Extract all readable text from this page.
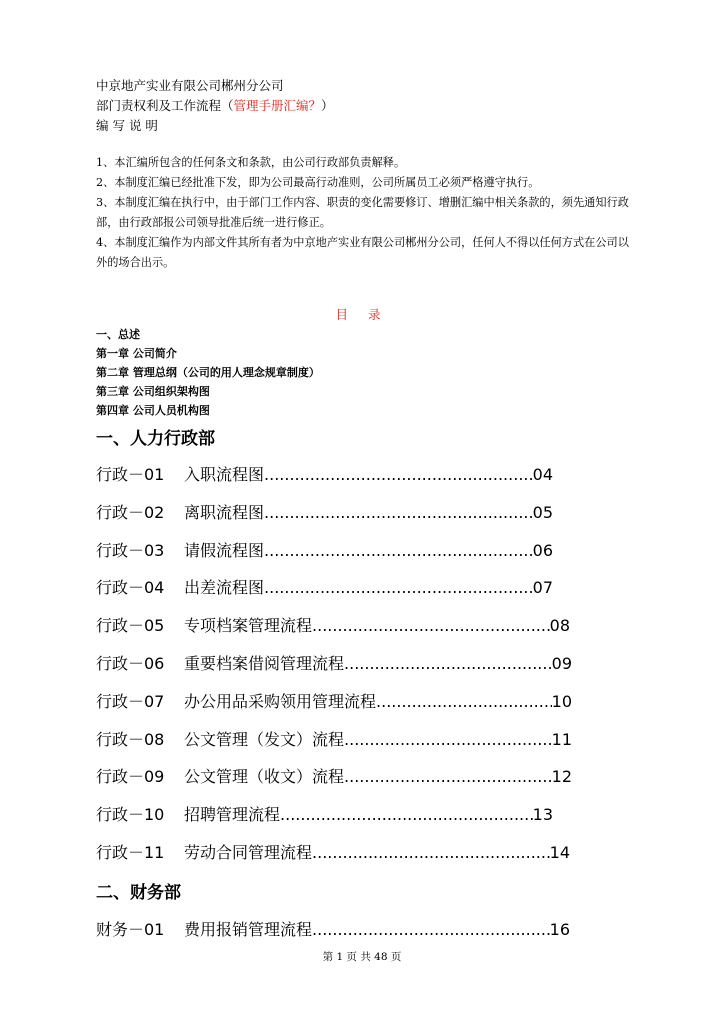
中京地产实业有限公司郴州分公司
部门责权利及工作流程（管理手册汇编？）
编 写 说 明

1、本汇编所包含的任何条文和条款，由公司行政部负责解释。

2、本制度汇编已经批准下发，即为公司最高行动准则，公司所属员工必须严格遵守执行。

3、本制度汇编在执行中，由于部门工作内容、职责的变化需要修订、增删汇编中相关条款的，须先通知行政部，由行政部报公司领导批准后统一进行修正。

4、本制度汇编作为内部文件其所有者为中京地产实业有限公司郴州分公司，任何人不得以任何方式在公司以外的场合出示。

目 录
一、总述
第一章 公司简介
第二章 管理总纲（公司的用人理念规章制度）
第三章 公司组织架构图
第四章 公司人员机构图
一、人力行政部
行政－01	入职流程图 .....	04
行政－02	离职流程图 .....	05
行政－03	请假流程图 .....	06
行政－04	出差流程图 .....	07
行政－05	专项档案管理流程 .....	08
行政－06	重要档案借阅管理流程 .....	09
行政－07	办公用品采购领用管理流程 .....	10
行政－08	公文管理（发文）流程 .....	11
行政－09	公文管理（收文）流程 .....	12
行政－10	招聘管理流程 .....	13
行政－11	劳动合同管理流程 .....	14
二、财务部
财务－01	费用报销管理流程 .....	16
第 1 页 共 48 页
